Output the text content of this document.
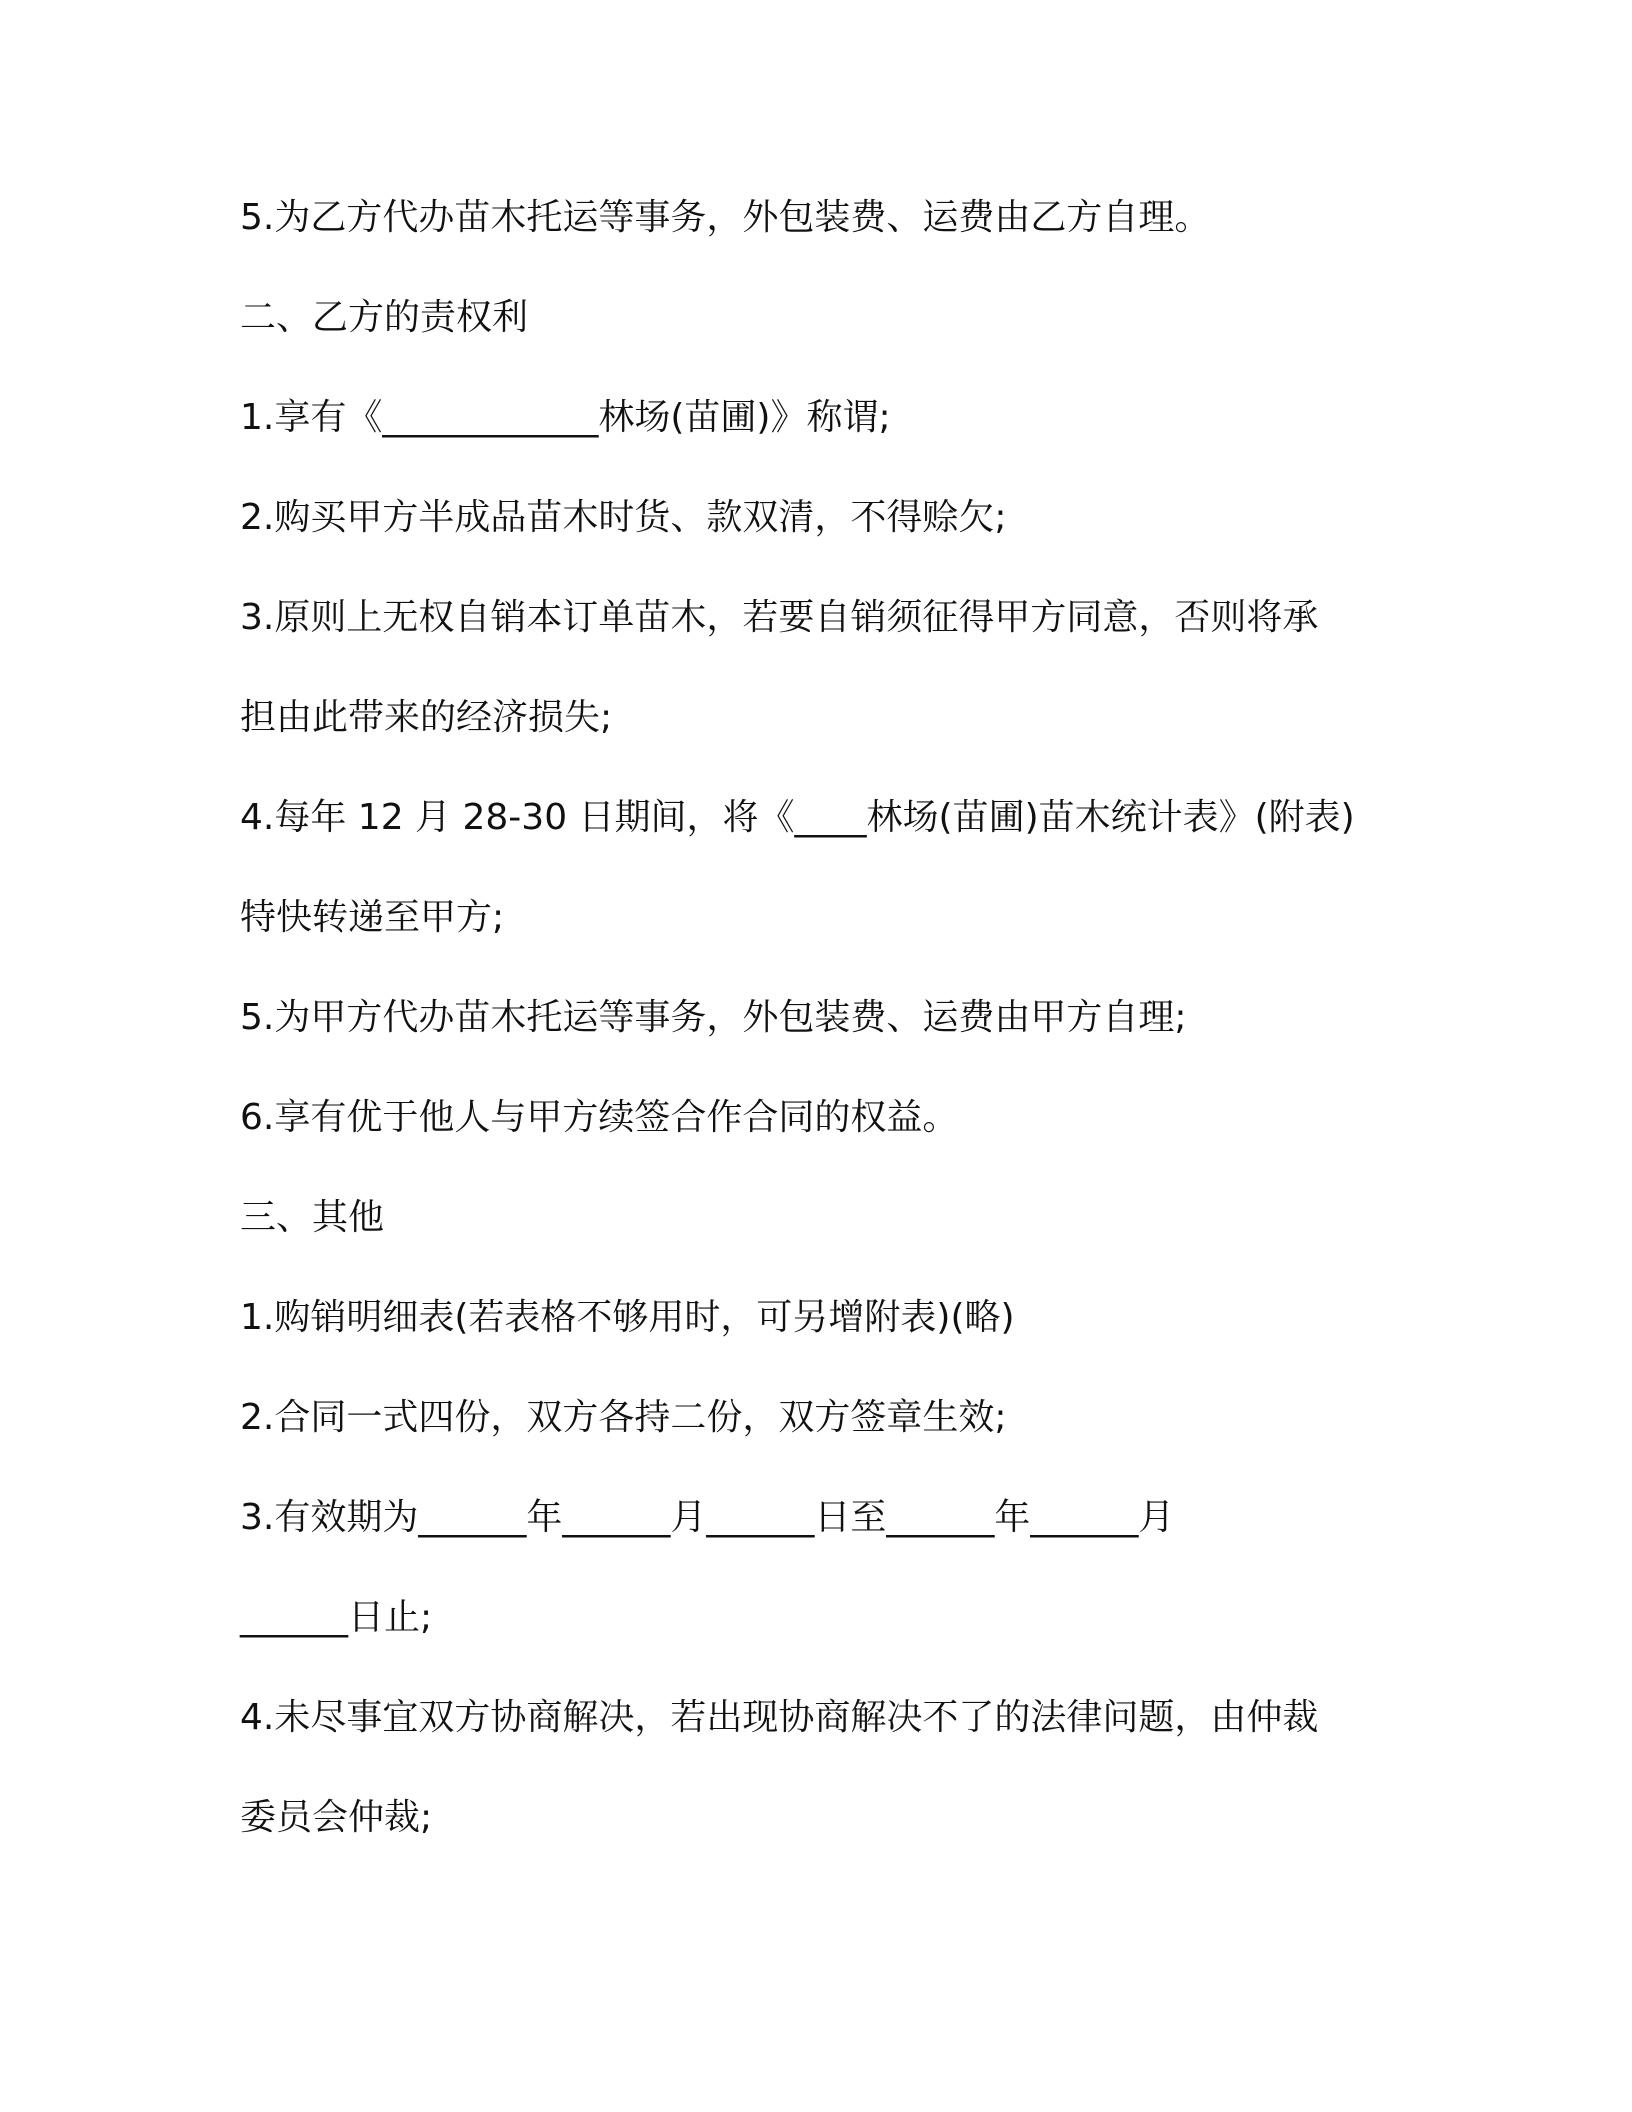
5.为乙方代办苗木托运等事务，外包装费、运费由乙方自理。
二、乙方的责权利
1.享有《____________林场(苗圃)》称谓;
2.购买甲方半成品苗木时货、款双清，不得赊欠;
3.原则上无权自销本订单苗木，若要自销须征得甲方同意，否则将承
担由此带来的经济损失;
4.每年 12 月 28-30 日期间，将《____林场(苗圃)苗木统计表》(附表)
特快转递至甲方;
5.为甲方代办苗木托运等事务，外包装费、运费由甲方自理;
6.享有优于他人与甲方续签合作合同的权益。
三、其他
1.购销明细表(若表格不够用时，可另增附表)(略)
2.合同一式四份，双方各持二份，双方签章生效;
3.有效期为______年______月______日至______年______月
______日止;
4.未尽事宜双方协商解决，若出现协商解决不了的法律问题，由仲裁
委员会仲裁;
